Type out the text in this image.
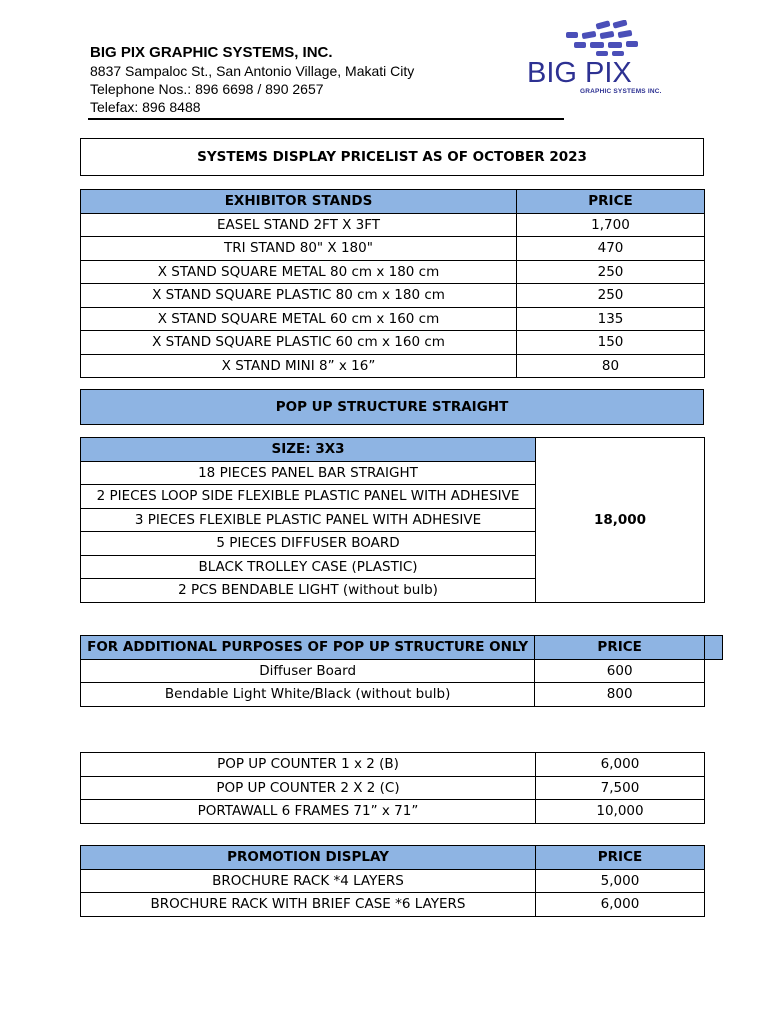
BIG PIX GRAPHIC SYSTEMS, INC.
8837 Sampaloc St., San Antonio Village, Makati City
Telephone Nos.: 896 6698 / 890 2657
Telefax: 896 8488
BIG PIX
GRAPHIC SYSTEMS INC.
SYSTEMS DISPLAY PRICELIST AS OF OCTOBER 2023
EXHIBITOR STANDS	PRICE
EASEL STAND 2FT X 3FT	1,700
TRI STAND 80" X 180"	470
X STAND SQUARE METAL 80 cm x 180 cm	250
X STAND SQUARE PLASTIC 80 cm x 180 cm	250
X STAND SQUARE METAL 60 cm x 160 cm	135
X STAND SQUARE PLASTIC 60 cm x 160 cm	150
X STAND MINI 8” x 16”	80
POP UP STRUCTURE STRAIGHT
SIZE: 3X3	18,000
18 PIECES PANEL BAR STRAIGHT
2 PIECES LOOP SIDE FLEXIBLE PLASTIC PANEL WITH ADHESIVE
3 PIECES FLEXIBLE PLASTIC PANEL WITH ADHESIVE
5 PIECES DIFFUSER BOARD
BLACK TROLLEY CASE (PLASTIC)
2 PCS BENDABLE LIGHT (without bulb)
FOR ADDITIONAL PURPOSES OF POP UP STRUCTURE ONLY	PRICE	
Diffuser Board	600	
Bendable Light White/Black (without bulb)	800	
POP UP COUNTER 1 x 2 (B)	6,000
POP UP COUNTER 2 X 2 (C)	7,500
PORTAWALL 6 FRAMES 71” x 71”	10,000
PROMOTION DISPLAY	PRICE
BROCHURE RACK *4 LAYERS	5,000
BROCHURE RACK WITH BRIEF CASE *6 LAYERS	6,000
